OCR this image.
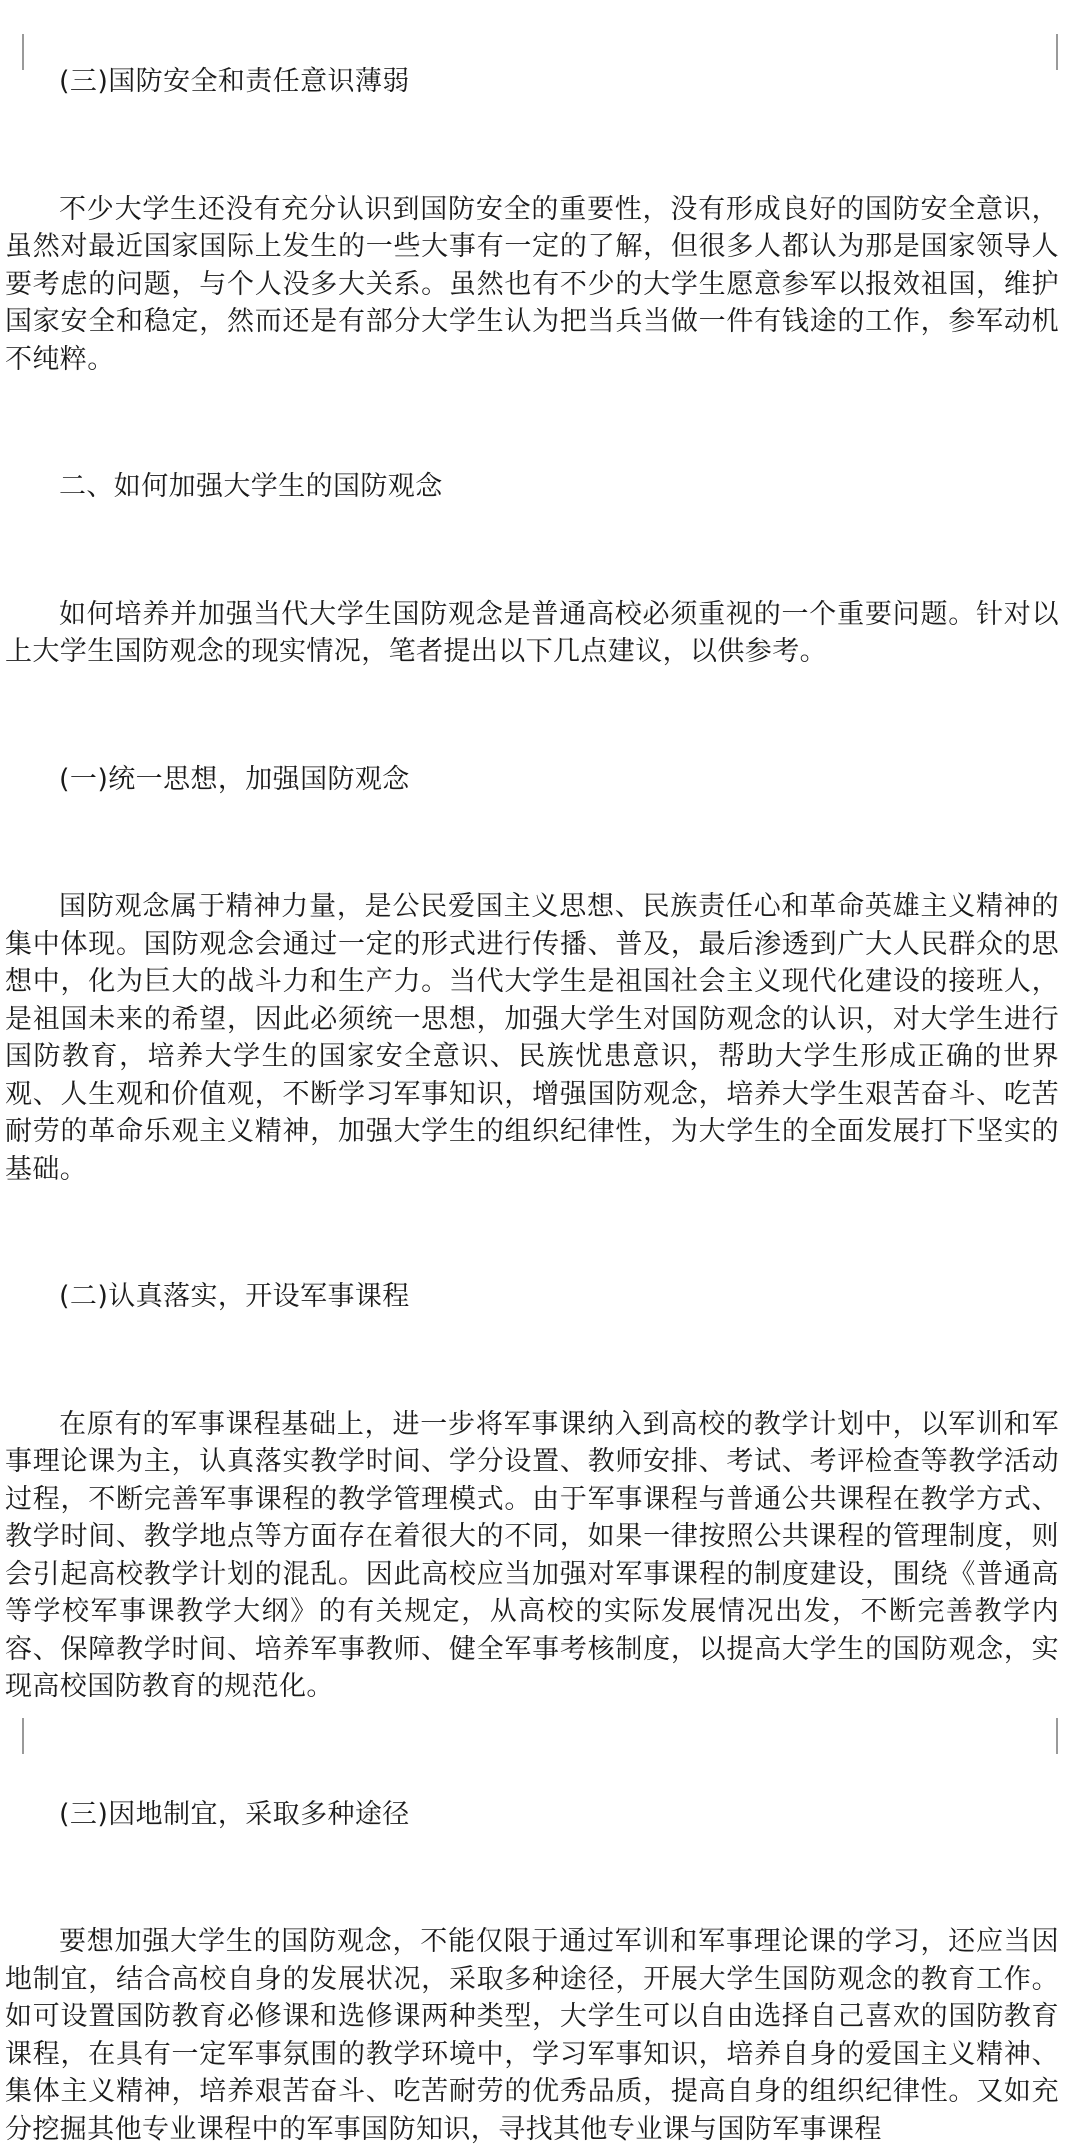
(三)国防安全和责任意识薄弱

不少大学生还没有充分认识到国防安全的重要性，没有形成良好的国防安全意识，虽然对最近国家国际上发生的一些大事有一定的了解，但很多人都认为那是国家领导人要考虑的问题，与个人没多大关系。虽然也有不少的大学生愿意参军以报效祖国，维护国家安全和稳定，然而还是有部分大学生认为把当兵当做一件有钱途的工作，参军动机不纯粹。

二、如何加强大学生的国防观念

如何培养并加强当代大学生国防观念是普通高校必须重视的一个重要问题。针对以上大学生国防观念的现实情况，笔者提出以下几点建议，以供参考。

(一)统一思想，加强国防观念

国防观念属于精神力量，是公民爱国主义思想、民族责任心和革命英雄主义精神的集中体现。国防观念会通过一定的形式进行传播、普及，最后渗透到广大人民群众的思想中，化为巨大的战斗力和生产力。当代大学生是祖国社会主义现代化建设的接班人，是祖国未来的希望，因此必须统一思想，加强大学生对国防观念的认识，对大学生进行国防教育，培养大学生的国家安全意识、民族忧患意识，帮助大学生形成正确的世界观、人生观和价值观，不断学习军事知识，增强国防观念，培养大学生艰苦奋斗、吃苦耐劳的革命乐观主义精神，加强大学生的组织纪律性，为大学生的全面发展打下坚实的基础。

(二)认真落实，开设军事课程

在原有的军事课程基础上，进一步将军事课纳入到高校的教学计划中，以军训和军事理论课为主，认真落实教学时间、学分设置、教师安排、考试、考评检查等教学活动过程，不断完善军事课程的教学管理模式。由于军事课程与普通公共课程在教学方式、教学时间、教学地点等方面存在着很大的不同，如果一律按照公共课程的管理制度，则会引起高校教学计划的混乱。因此高校应当加强对军事课程的制度建设，围绕《普通高等学校军事课教学大纲》的有关规定，从高校的实际发展情况出发，不断完善教学内容、保障教学时间、培养军事教师、健全军事考核制度，以提高大学生的国防观念，实现高校国防教育的规范化。

(三)因地制宜，采取多种途径

要想加强大学生的国防观念，不能仅限于通过军训和军事理论课的学习，还应当因地制宜，结合高校自身的发展状况，采取多种途径，开展大学生国防观念的教育工作。如可设置国防教育必修课和选修课两种类型，大学生可以自由选择自己喜欢的国防教育课程，在具有一定军事氛围的教学环境中，学习军事知识，培养自身的爱国主义精神、集体主义精神，培养艰苦奋斗、吃苦耐劳的优秀品质，提高自身的组织纪律性。又如充分挖掘其他专业课程中的军事国防知识，寻找其他专业课与国防军事课程
